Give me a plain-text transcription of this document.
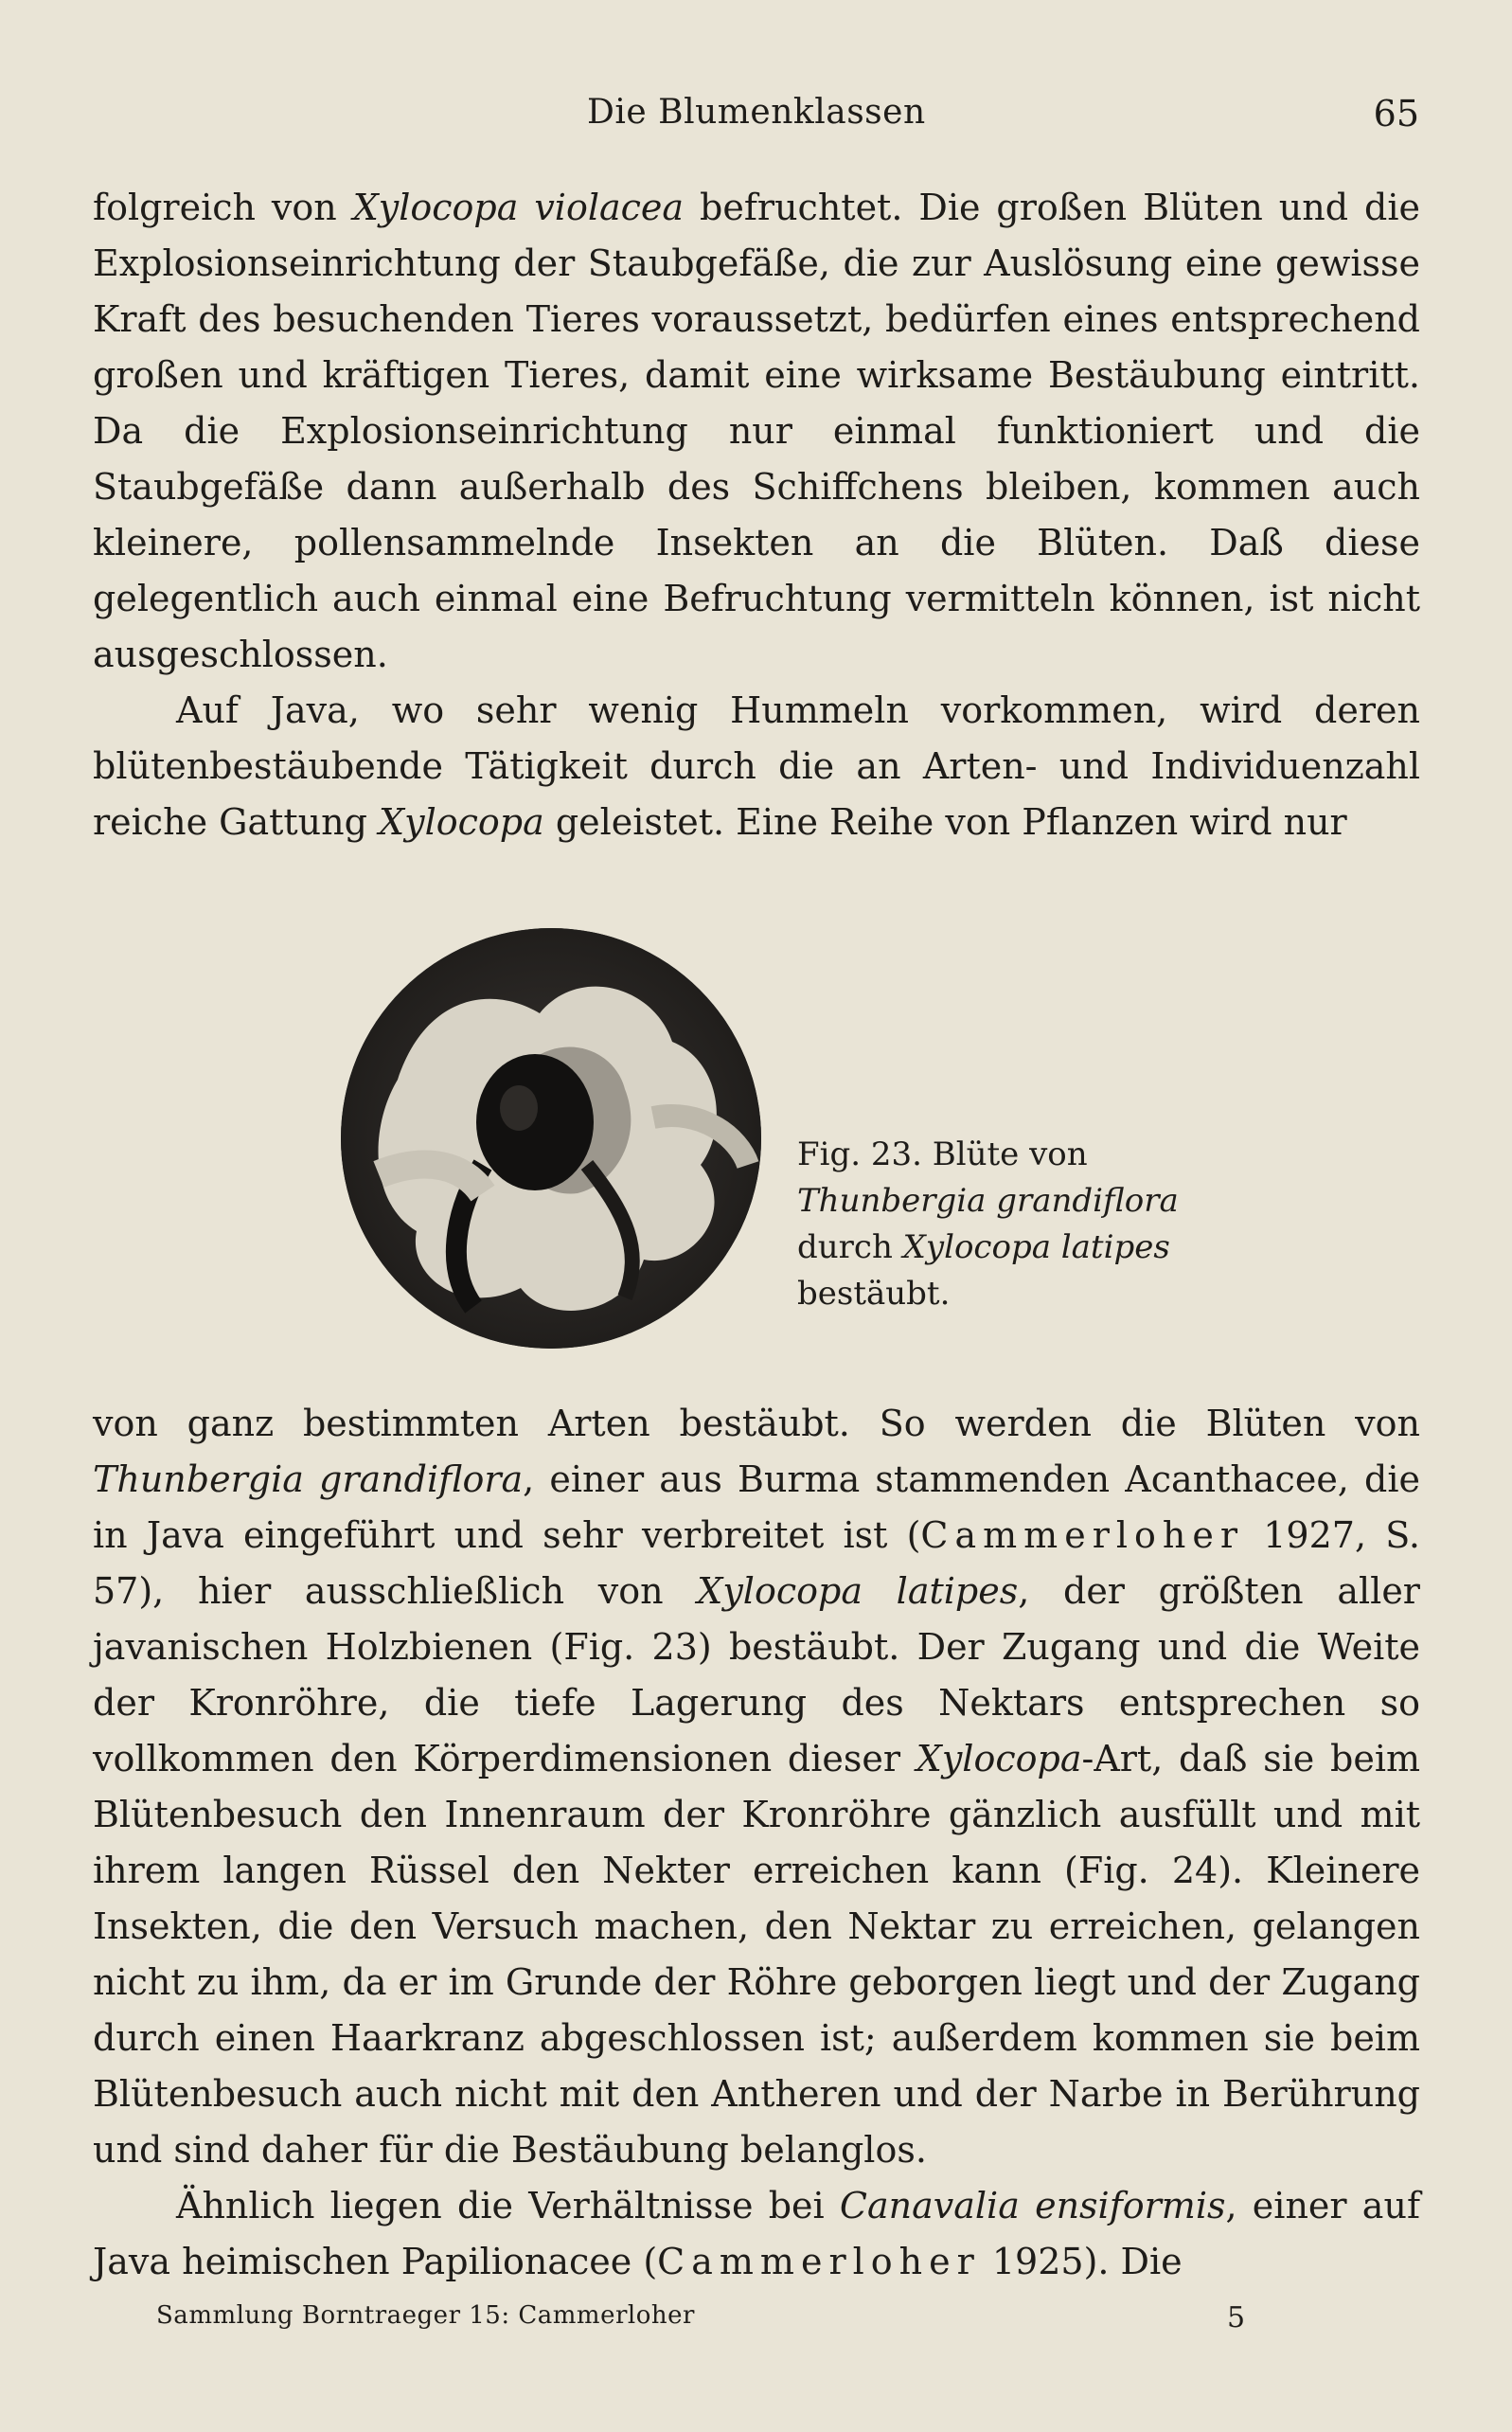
Die Blumenklassen	65

folgreich von Xylocopa violacea befruchtet. Die großen Blüten und die Explosionseinrichtung der Staubgefäße, die zur Auslösung eine gewisse Kraft des besuchenden Tieres voraussetzt, bedürfen eines entsprechend großen und kräftigen Tieres, damit eine wirksame Bestäubung eintritt. Da die Explosionseinrichtung nur einmal funktioniert und die Staubgefäße dann außerhalb des Schiffchens bleiben, kommen auch kleinere, pollensammelnde Insekten an die Blüten. Daß diese gelegentlich auch einmal eine Befruchtung vermitteln können, ist nicht ausgeschlossen.

Auf Java, wo sehr wenig Hummeln vorkommen, wird deren blütenbestäubende Tätigkeit durch die an Arten- und Individuenzahl reiche Gattung Xylocopa geleistet. Eine Reihe von Pflanzen wird nur

Fig. 23. Blüte von Thunbergia grandiflora durch Xylocopa latipes bestäubt.

von ganz bestimmten Arten bestäubt. So werden die Blüten von Thunbergia grandiflora, einer aus Burma stammenden Acanthacee, die in Java eingeführt und sehr verbreitet ist (Cammerloher 1927, S. 57), hier ausschließlich von Xylocopa latipes, der größten aller javanischen Holzbienen (Fig. 23) bestäubt. Der Zugang und die Weite der Kronröhre, die tiefe Lagerung des Nektars entsprechen so vollkommen den Körperdimensionen dieser Xylocopa-Art, daß sie beim Blütenbesuch den Innenraum der Kronröhre gänzlich ausfüllt und mit ihrem langen Rüssel den Nekter erreichen kann (Fig. 24). Kleinere Insekten, die den Versuch machen, den Nektar zu erreichen, gelangen nicht zu ihm, da er im Grunde der Röhre geborgen liegt und der Zugang durch einen Haarkranz abgeschlossen ist; außerdem kommen sie beim Blütenbesuch auch nicht mit den Antheren und der Narbe in Berührung und sind daher für die Bestäubung belanglos.

Ähnlich liegen die Verhältnisse bei Canavalia ensiformis, einer auf Java heimischen Papilionacee (Cammerloher 1925). Die

Sammlung Borntraeger 15: Cammerloher	5
